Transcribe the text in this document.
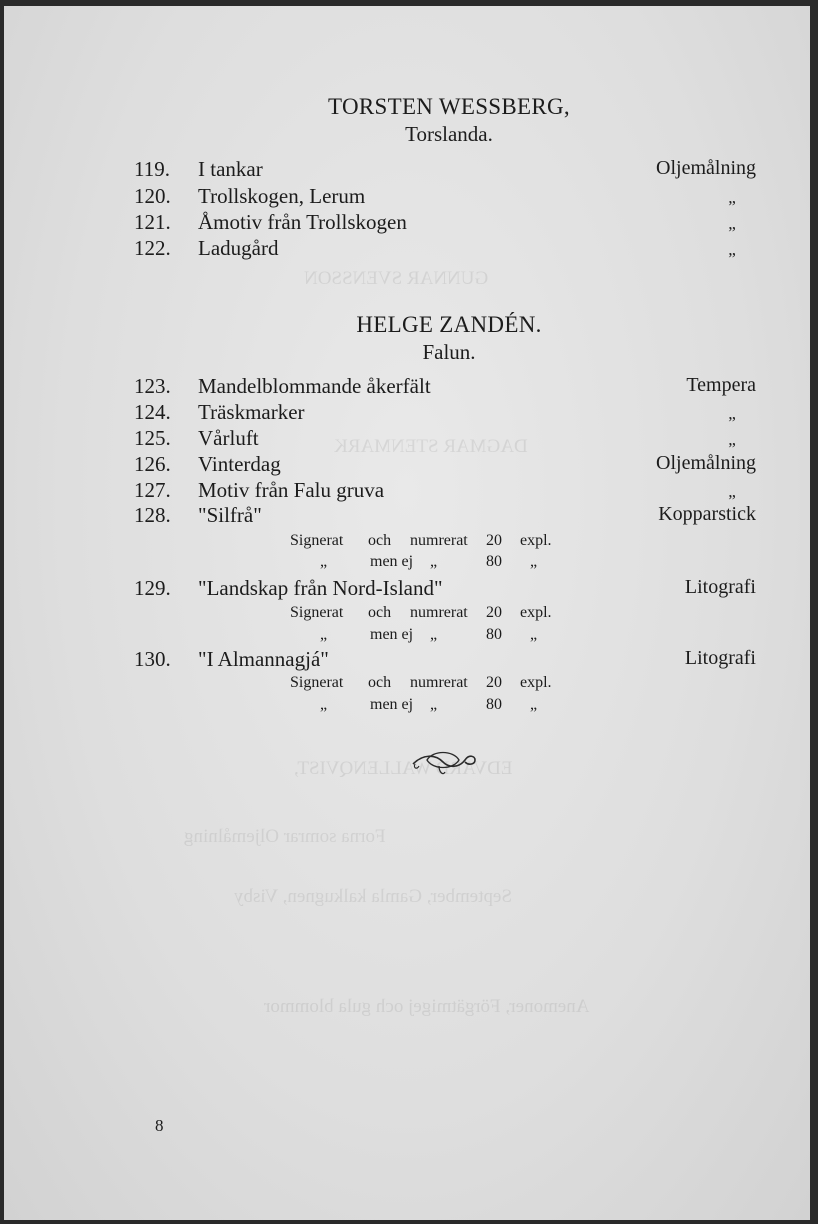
GUNNAR SVENSSON
DAGMAR STENMARK
EDVARD WALLENQVIST,
Forna somrar Oljemålning
September, Gamla kalkugnen, Visby
Anemoner, Förgätmigej och gula blommor
TORSTEN WESSBERG,
Torslanda.
119. I tankar	Oljemålning
120. Trollskogen, Lerum	„
121. Åmotiv från Trollskogen	„
122. Ladugård	„
HELGE ZANDÉN.
Falun.
123. Mandelblommande åkerfält	Tempera
124. Träskmarker	„
125. Vårluft	„
126. Vinterdag	Oljemålning
127. Motiv från Falu gruva	„
128. "Silfrå"	Kopparstick
Signerat och numrerat 20 expl.
„	men ej „	80 „
129. "Landskap från Nord-Island"	Litografi
Signerat och numrerat 20 expl.
„	men ej „	80 „
130. "I Almannagjá"	Litografi
Signerat och numrerat 20 expl.
„	men ej „	80 „
8
